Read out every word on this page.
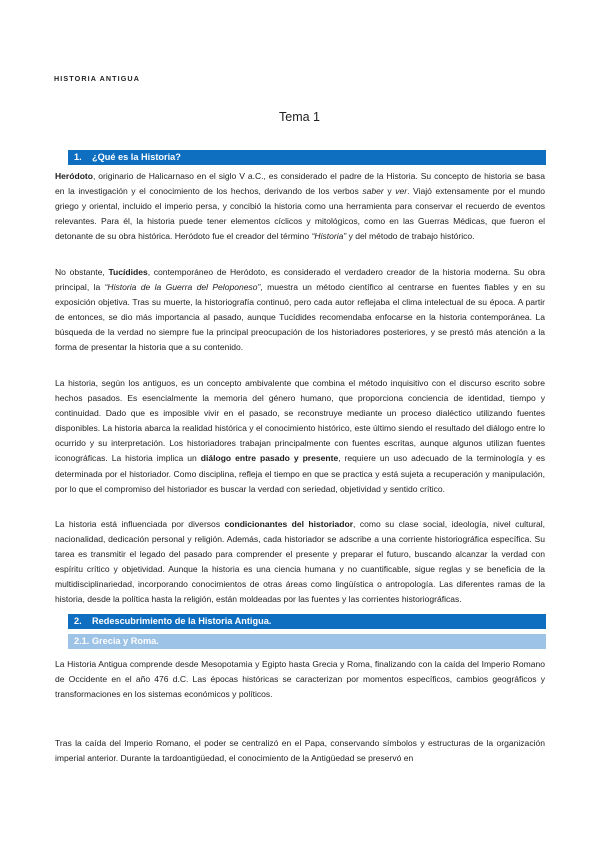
HISTORIA ANTIGUA
Tema 1
1. ¿Qué es la Historia?

Heródoto, originario de Halicarnaso en el siglo V a.C., es considerado el padre de la Historia. Su concepto de historia se basa en la investigación y el conocimiento de los hechos, derivando de los verbos saber y ver. Viajó extensamente por el mundo griego y oriental, incluido el imperio persa, y concibió la historia como una herramienta para conservar el recuerdo de eventos relevantes. Para él, la historia puede tener elementos cíclicos y mitológicos, como en las Guerras Médicas, que fueron el detonante de su obra histórica. Heródoto fue el creador del término “Historia” y del método de trabajo histórico.

No obstante, Tucídides, contemporáneo de Heródoto, es considerado el verdadero creador de la historia moderna. Su obra principal, la “Historia de la Guerra del Peloponeso”, muestra un método científico al centrarse en fuentes fiables y en su exposición objetiva. Tras su muerte, la historiografía continuó, pero cada autor reflejaba el clima intelectual de su época. A partir de entonces, se dio más importancia al pasado, aunque Tucídides recomendaba enfocarse en la historia contemporánea. La búsqueda de la verdad no siempre fue la principal preocupación de los historiadores posteriores, y se prestó más atención a la forma de presentar la historia que a su contenido.

La historia, según los antiguos, es un concepto ambivalente que combina el método inquisitivo con el discurso escrito sobre hechos pasados. Es esencialmente la memoria del género humano, que proporciona conciencia de identidad, tiempo y continuidad. Dado que es imposible vivir en el pasado, se reconstruye mediante un proceso dialéctico utilizando fuentes disponibles. La historia abarca la realidad histórica y el conocimiento histórico, este último siendo el resultado del diálogo entre lo ocurrido y su interpretación. Los historiadores trabajan principalmente con fuentes escritas, aunque algunos utilizan fuentes iconográficas. La historia implica un diálogo entre pasado y presente, requiere un uso adecuado de la terminología y es determinada por el historiador. Como disciplina, refleja el tiempo en que se practica y está sujeta a recuperación y manipulación, por lo que el compromiso del historiador es buscar la verdad con seriedad, objetividad y sentido crítico.

La historia está influenciada por diversos condicionantes del historiador, como su clase social, ideología, nivel cultural, nacionalidad, dedicación personal y religión. Además, cada historiador se adscribe a una corriente historiográfica específica. Su tarea es transmitir el legado del pasado para comprender el presente y preparar el futuro, buscando alcanzar la verdad con espíritu crítico y objetividad. Aunque la historia es una ciencia humana y no cuantificable, sigue reglas y se beneficia de la multidisciplinariedad, incorporando conocimientos de otras áreas como lingüística o antropología. Las diferentes ramas de la historia, desde la política hasta la religión, están moldeadas por las fuentes y las corrientes historiográficas.

2. Redescubrimiento de la Historia Antigua.
2.1. Grecia y Roma.

La Historia Antigua comprende desde Mesopotamia y Egipto hasta Grecia y Roma, finalizando con la caída del Imperio Romano de Occidente en el año 476 d.C. Las épocas históricas se caracterizan por momentos específicos, cambios geográficos y transformaciones en los sistemas económicos y políticos.

Tras la caída del Imperio Romano, el poder se centralizó en el Papa, conservando símbolos y estructuras de la organización imperial anterior. Durante la tardoantigüedad, el conocimiento de la Antigüedad se preservó en
